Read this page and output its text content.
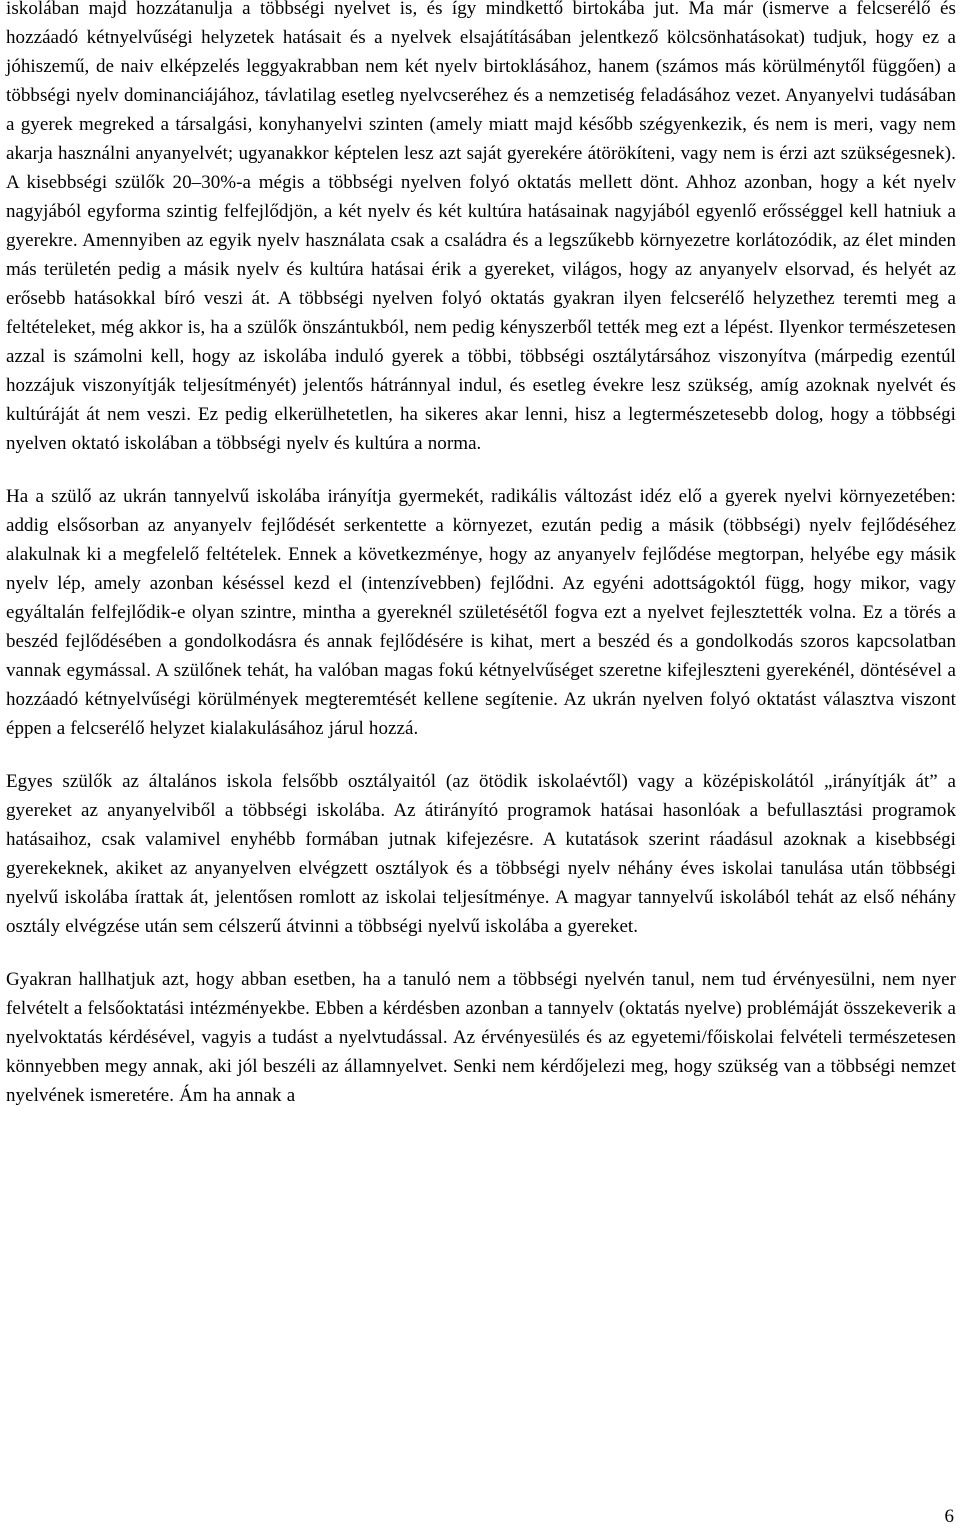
iskolában majd hozzátanulja a többségi nyelvet is, és így mindkettő birtokába jut. Ma már (ismerve a felcserélő és hozzáadó kétnyelvűségi helyzetek hatásait és a nyelvek elsajátításában jelentkező kölcsönhatásokat) tudjuk, hogy ez a jóhiszemű, de naiv elképzelés leggyakrabban nem két nyelv birtoklásához, hanem (számos más körülménytől függően) a többségi nyelv dominanciájához, távlatilag esetleg nyelvcseréhez és a nemzetiség feladásához vezet. Anyanyelvi tudásában a gyerek megreked a társalgási, konyhanyelvi szinten (amely miatt majd később szégyenkezik, és nem is meri, vagy nem akarja használni anyanyelvét; ugyanakkor képtelen lesz azt saját gyerekére átörökíteni, vagy nem is érzi azt szükségesnek). A kisebbségi szülők 20–30%-a mégis a többségi nyelven folyó oktatás mellett dönt. Ahhoz azonban, hogy a két nyelv nagyjából egyforma szintig felfejlődjön, a két nyelv és két kultúra hatásainak nagyjából egyenlő erősséggel kell hatniuk a gyerekre. Amennyiben az egyik nyelv használata csak a családra és a legszűkebb környezetre korlátozódik, az élet minden más területén pedig a másik nyelv és kultúra hatásai érik a gyereket, világos, hogy az anyanyelv elsorvad, és helyét az erősebb hatásokkal bíró veszi át. A többségi nyelven folyó oktatás gyakran ilyen felcserélő helyzethez teremti meg a feltételeket, még akkor is, ha a szülők önszántukból, nem pedig kényszerből tették meg ezt a lépést. Ilyenkor természetesen azzal is számolni kell, hogy az iskolába induló gyerek a többi, többségi osztálytársához viszonyítva (márpedig ezentúl hozzájuk viszonyítják teljesítményét) jelentős hátránnyal indul, és esetleg évekre lesz szükség, amíg azoknak nyelvét és kultúráját át nem veszi. Ez pedig elkerülhetetlen, ha sikeres akar lenni, hisz a legtermészetesebb dolog, hogy a többségi nyelven oktató iskolában a többségi nyelv és kultúra a norma.

Ha a szülő az ukrán tannyelvű iskolába irányítja gyermekét, radikális változást idéz elő a gyerek nyelvi környezetében: addig elsősorban az anyanyelv fejlődését serkentette a környezet, ezután pedig a másik (többségi) nyelv fejlődéséhez alakulnak ki a megfelelő feltételek. Ennek a következménye, hogy az anyanyelv fejlődése megtorpan, helyébe egy másik nyelv lép, amely azonban késéssel kezd el (intenzívebben) fejlődni. Az egyéni adottságoktól függ, hogy mikor, vagy egyáltalán felfejlődik-e olyan szintre, mintha a gyereknél születésétől fogva ezt a nyelvet fejlesztették volna. Ez a törés a beszéd fejlődésében a gondolkodásra és annak fejlődésére is kihat, mert a beszéd és a gondolkodás szoros kapcsolatban vannak egymással. A szülőnek tehát, ha valóban magas fokú kétnyelvűséget szeretne kifejleszteni gyerekénél, döntésével a hozzáadó kétnyelvűségi körülmények megteremtését kellene segítenie. Az ukrán nyelven folyó oktatást választva viszont éppen a felcserélő helyzet kialakulásához járul hozzá.

Egyes szülők az általános iskola felsőbb osztályaitól (az ötödik iskolaévtől) vagy a középiskolától „irányítják át” a gyereket az anyanyelviből a többségi iskolába. Az átirányító programok hatásai hasonlóak a befullasztási programok hatásaihoz, csak valamivel enyhébb formában jutnak kifejezésre. A kutatások szerint ráadásul azoknak a kisebbségi gyerekeknek, akiket az anyanyelven elvégzett osztályok és a többségi nyelv néhány éves iskolai tanulása után többségi nyelvű iskolába írattak át, jelentősen romlott az iskolai teljesítménye. A magyar tannyelvű iskolából tehát az első néhány osztály elvégzése után sem célszerű átvinni a többségi nyelvű iskolába a gyereket.

Gyakran hallhatjuk azt, hogy abban esetben, ha a tanuló nem a többségi nyelvén tanul, nem tud érvényesülni, nem nyer felvételt a felsőoktatási intézményekbe. Ebben a kérdésben azonban a tannyelv (oktatás nyelve) problémáját összekeverik a nyelvoktatás kérdésével, vagyis a tudást a nyelvtudással. Az érvényesülés és az egyetemi/főiskolai felvételi természetesen könnyebben megy annak, aki jól beszéli az államnyelvet. Senki nem kérdőjelezi meg, hogy szükség van a többségi nemzet nyelvének ismeretére. Ám ha annak a

6
